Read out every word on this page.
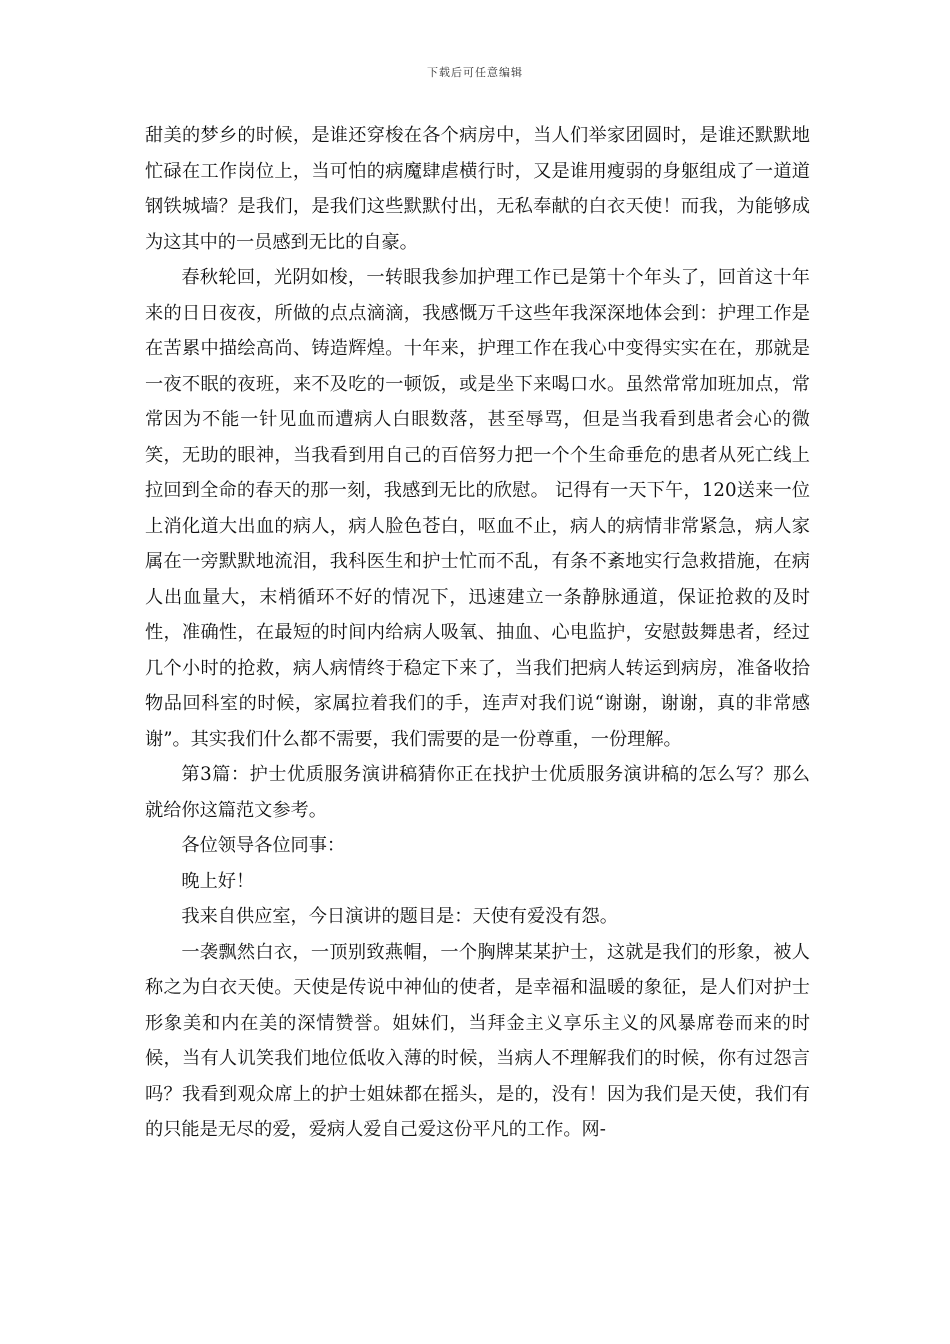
下载后可任意编辑

甜美的梦乡的时候，是谁还穿梭在各个病房中，当人们举家团圆时，是谁还默默地忙碌在工作岗位上，当可怕的病魔肆虐横行时，又是谁用瘦弱的身躯组成了一道道钢铁城墙？是我们，是我们这些默默付出，无私奉献的白衣天使！而我，为能够成为这其中的一员感到无比的自豪。

春秋轮回，光阴如梭，一转眼我参加护理工作已是第十个年头了，回首这十年来的日日夜夜，所做的点点滴滴，我感慨万千这些年我深深地体会到：护理工作是在苦累中描绘高尚、铸造辉煌。十年来，护理工作在我心中变得实实在在，那就是一夜不眠的夜班，来不及吃的一顿饭，或是坐下来喝口水。虽然常常加班加点，常常因为不能一针见血而遭病人白眼数落，甚至辱骂，但是当我看到患者会心的微笑，无助的眼神，当我看到用自己的百倍努力把一个个生命垂危的患者从死亡线上拉回到全命的春天的那一刻，我感到无比的欣慰。 记得有一天下午，120送来一位上消化道大出血的病人，病人脸色苍白，呕血不止，病人的病情非常紧急，病人家属在一旁默默地流泪，我科医生和护士忙而不乱，有条不紊地实行急救措施，在病人出血量大，末梢循环不好的情况下，迅速建立一条静脉通道，保证抢救的及时性，准确性，在最短的时间内给病人吸氧、抽血、心电监护，安慰鼓舞患者，经过几个小时的抢救，病人病情终于稳定下来了，当我们把病人转运到病房，准备收拾物品回科室的时候，家属拉着我们的手，连声对我们说“谢谢，谢谢，真的非常感谢”。其实我们什么都不需要，我们需要的是一份尊重，一份理解。

第3篇：护士优质服务演讲稿猜你正在找护士优质服务演讲稿的怎么写？那么就给你这篇范文参考。

各位领导各位同事：

晚上好！

我来自供应室，今日演讲的题目是：天使有爱没有怨。

一袭飘然白衣，一顶别致燕帽，一个胸牌某某护士，这就是我们的形象，被人称之为白衣天使。天使是传说中神仙的使者，是幸福和温暖的象征，是人们对护士形象美和内在美的深情赞誉。姐妹们，当拜金主义享乐主义的风暴席卷而来的时候，当有人讥笑我们地位低收入薄的时候，当病人不理解我们的时候，你有过怨言吗？我看到观众席上的护士姐妹都在摇头，是的，没有！因为我们是天使，我们有的只能是无尽的爱，爱病人爱自己爱这份平凡的工作。网-
